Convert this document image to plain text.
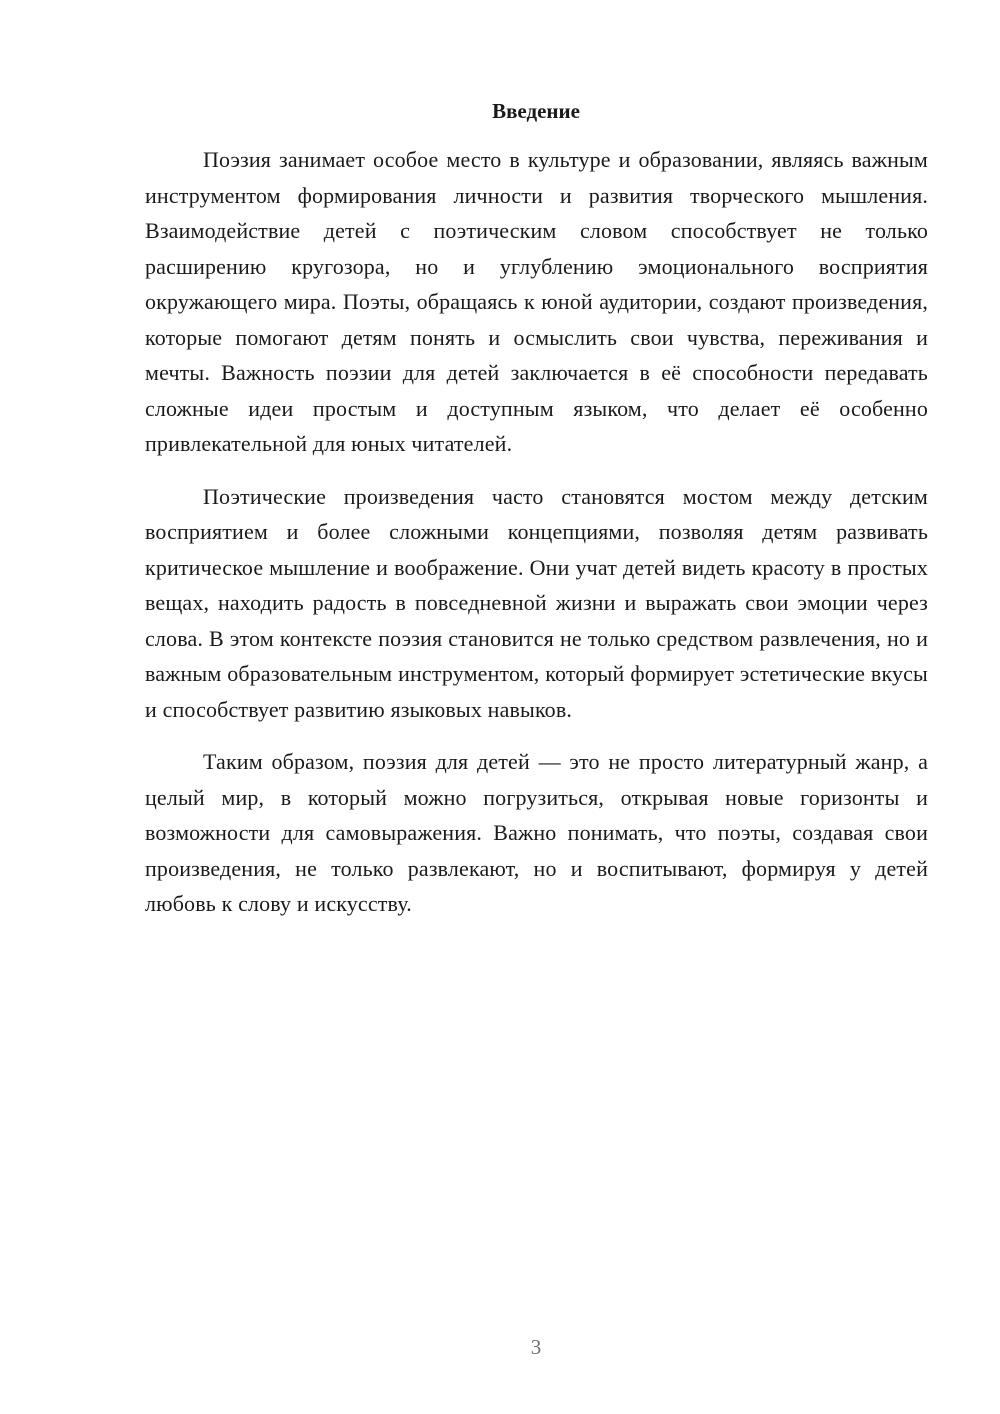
Введение

Поэзия занимает особое место в культуре и образовании, являясь важным инструментом формирования личности и развития творческого мышления. Взаимодействие детей с поэтическим словом способствует не только расширению кругозора, но и углублению эмоционального восприятия окружающего мира. Поэты, обращаясь к юной аудитории, создают произведения, которые помогают детям понять и осмыслить свои чувства, переживания и мечты. Важность поэзии для детей заключается в её способности передавать сложные идеи простым и доступным языком, что делает её особенно привлекательной для юных читателей.

Поэтические произведения часто становятся мостом между детским восприятием и более сложными концепциями, позволяя детям развивать критическое мышление и воображение. Они учат детей видеть красоту в простых вещах, находить радость в повседневной жизни и выражать свои эмоции через слова. В этом контексте поэзия становится не только средством развлечения, но и важным образовательным инструментом, который формирует эстетические вкусы и способствует развитию языковых навыков.

Таким образом, поэзия для детей — это не просто литературный жанр, а целый мир, в который можно погрузиться, открывая новые горизонты и возможности для самовыражения. Важно понимать, что поэты, создавая свои произведения, не только развлекают, но и воспитывают, формируя у детей любовь к слову и искусству.

3
